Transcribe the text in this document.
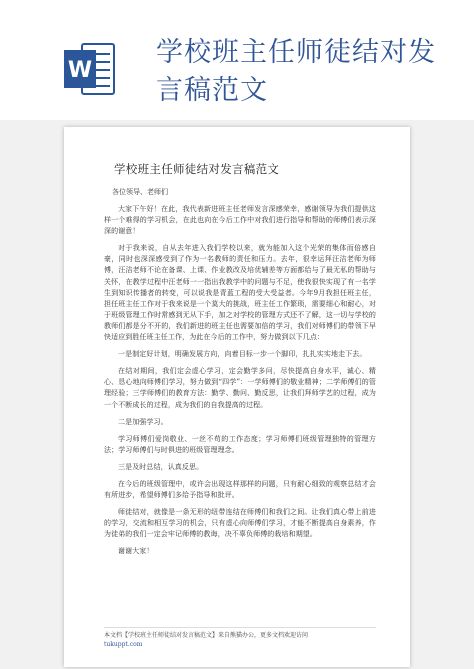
W
学校班主任师徒结对发言稿范文
学校班主任师徒结对发言稿范文
各位领导、老师们

大家下午好！在此，我代表新进班主任老师发言深感荣幸，感谢领导为我们提供这样一个难得的学习机会，在此也向在今后工作中对我们进行指导和帮助的师傅们表示深深的谢意！

对于我来说，自从去年进入我们学校以来，就为能加入这个光荣的集体而倍感自豪，同时也深深感受到了作为一名教师的责任和压力。去年，很幸运拜汪洁老师为师傅，汪洁老师不论在备课、上课、作业教改及培优辅差等方面都给与了最无私的帮助与关怀，在教学过程中汪老师一一指出我教学中的问题与不足，使我很快实现了有一名学生到知识传播者的转变，可以说我是青蓝工程的受大受益者。今年9月我担任班主任，担任班主任工作对于我来说是一个莫大的挑战，班主任工作繁琐，需要细心和耐心，对于班级管理工作时常感到无从下手，加之对学校的管理方式还不了解，这一切与学校的教师们都是分不开的，我们新进的班主任也需要加倍的学习，我们对师傅们的带领下早快适应到胜任班主任工作，为此在今后的工作中，努力做到以下几点：

一是制定好计划，明确发展方向，向着目标一步一个脚印，扎扎实实地走下去。

在结对期间，我们定会虚心学习，定会勤学多问，尽快提高自身水平，诚心、精心、恳心地向师傅们学习，努力做到“四学”：一学师傅们的敬业精神；二学师傅们的管理经验；三学师傅们的教育方法：勤学、勤问、勤反思，让我们拜师学艺的过程，成为一个不断成长的过程，成为我们的自我提高的过程。

二是加强学习。

学习师傅们爱岗敬业、一丝不苟的工作态度；学习师傅们班级管理独特的管理方法；学习师傅们与时俱进的班级管理理念。

三是及时总结，认真反思。

在今后的班级管理中，或许会出现这样那样的问题，只有耐心细致的观察总结才会有所进步，希望师傅们多给予指导和批评。

师徒结对，就像是一条无形的纽带连结在师傅们和我们之间。让我们真心带上前进的学习，交流和相互学习的机会，只有虚心向师傅们学习，才能不断提高自身素养，作为徒弟的我们一定会牢记师傅的教诲，决不辜负师傅的栽培和期望。

谢谢大家！

本文档【学校班主任师徒结对发言稿范文】来自熊猫办公，更多文档欢迎访问
tukuppt.com
